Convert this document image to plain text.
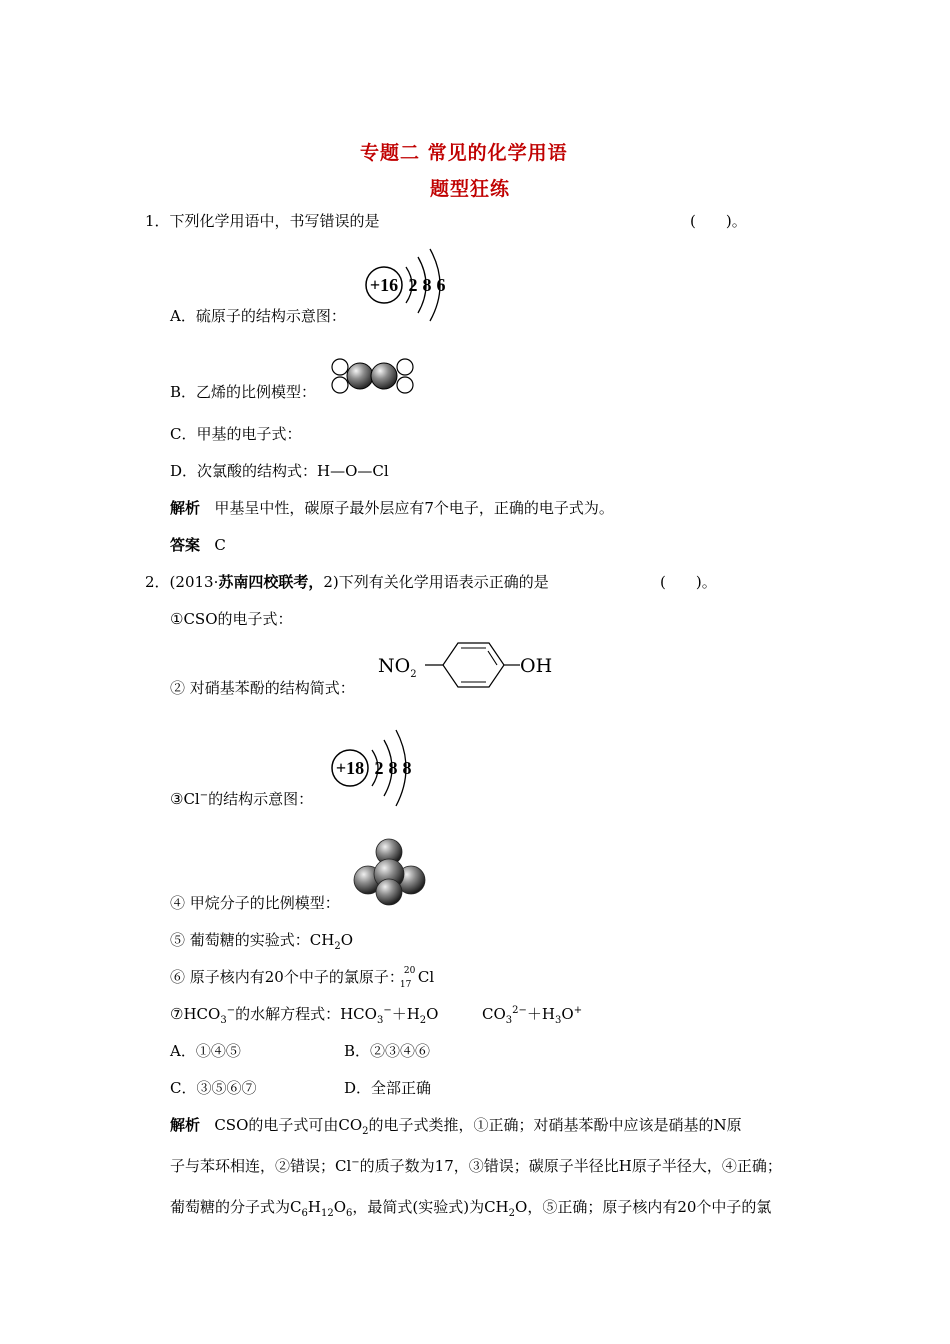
专题二 常见的化学用语
题型狂练
1．下列化学用语中，书写错误的是	(　　)。
+16 2 8 6
A．硫原子的结构示意图：
B．乙烯的比例模型：
C．甲基的电子式：
D．次氯酸的结构式：H—O—Cl
解析 甲基呈中性，碳原子最外层应有7个电子，正确的电子式为。
答案 C
2．(2013·苏南四校联考，2)下列有关化学用语表示正确的是	(　　)。
①CSO的电子式：
$NO_2$	OH
② 对硝基苯酚的结构简式：
+18 2 8 8
③Cl−的结构示意图：
④ 甲烷分子的比例模型：
⑤ 葡萄糖的实验式：$CH_2O$
⑥ 原子核内有20个中子的氯原子： 20
17 Cl
$⑦HCO_3^-$的水解方程式：$HCO_3^-+H_2O$	$CO_3^{2-}+H_3O^+$
A．①④⑤	B．②③④⑥
C．③⑤⑥⑦	D．全部正确
解析 CSO的电子式可由$CO_2$的电子式类推，①正确；对硝基苯酚中应该是硝基的N原
子与苯环相连，②错误；Cl−的质子数为17，③错误；碳原子半径比H原子半径大，④正确；
葡萄糖的分子式为$C_6H_{12}O_6$，最简式(实验式)为$CH_2O$，⑤正确；原子核内有20个中子的氯
